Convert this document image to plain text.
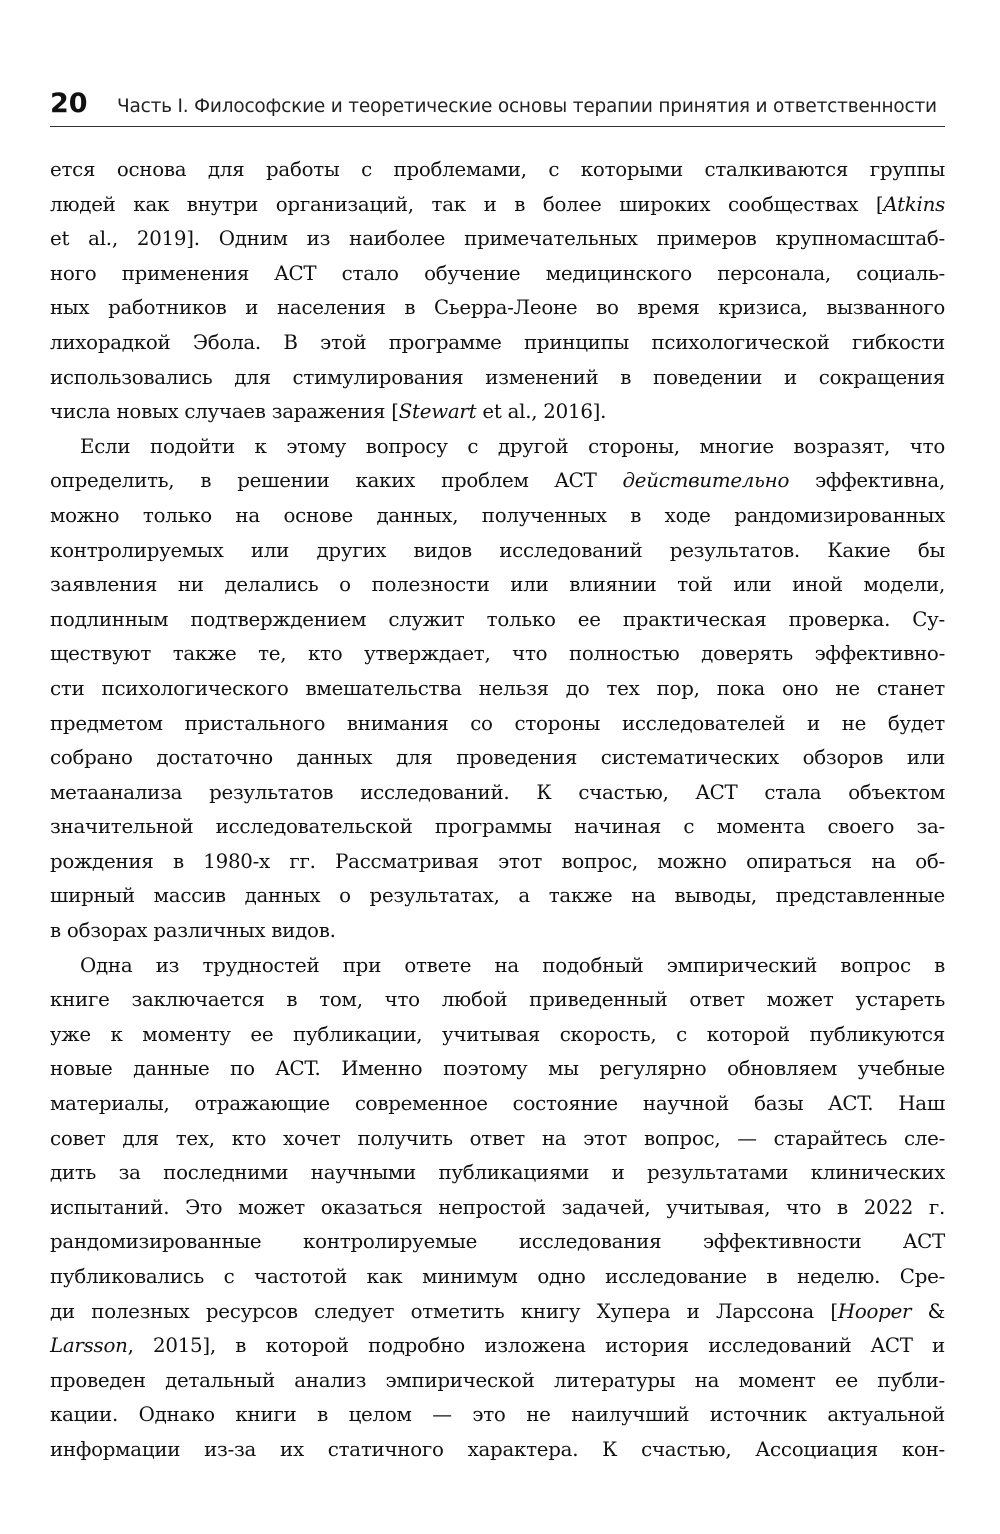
20 Часть I. Философские и теоретические основы терапии принятия и ответственности
ется основа для работы с проблемами, с которыми сталкиваются группы
людей как внутри организаций, так и в более широких сообществах [Atkins
et al., 2019]. Одним из наиболее примечательных примеров крупномасштаб-
ного применения ACT стало обучение медицинского персонала, социаль-
ных работников и населения в Сьерра-Леоне во время кризиса, вызванного
лихорадкой Эбола. В этой программе принципы психологической гибкости
использовались для стимулирования изменений в поведении и сокращения
числа новых случаев заражения [Stewart et al., 2016].
Если подойти к этому вопросу с другой стороны, многие возразят, что
определить, в решении каких проблем ACT действительно эффективна,
можно только на основе данных, полученных в ходе рандомизированных
контролируемых или других видов исследований результатов. Какие бы
заявления ни делались о полезности или влиянии той или иной модели,
подлинным подтверждением служит только ее практическая проверка. Су-
ществуют также те, кто утверждает, что полностью доверять эффективно-
сти психологического вмешательства нельзя до тех пор, пока оно не станет
предметом пристального внимания со стороны исследователей и не будет
собрано достаточно данных для проведения систематических обзоров или
метаанализа результатов исследований. К счастью, ACT стала объектом
значительной исследовательской программы начиная с момента своего за-
рождения в 1980-х гг. Рассматривая этот вопрос, можно опираться на об-
ширный массив данных о результатах, а также на выводы, представленные
в обзорах различных видов.
Одна из трудностей при ответе на подобный эмпирический вопрос в
книге заключается в том, что любой приведенный ответ может устареть
уже к моменту ее публикации, учитывая скорость, с которой публикуются
новые данные по ACT. Именно поэтому мы регулярно обновляем учебные
материалы, отражающие современное состояние научной базы ACT. Наш
совет для тех, кто хочет получить ответ на этот вопрос, — старайтесь сле-
дить за последними научными публикациями и результатами клинических
испытаний. Это может оказаться непростой задачей, учитывая, что в 2022 г.
рандомизированные контролируемые исследования эффективности ACT
публиковались с частотой как минимум одно исследование в неделю. Сре-
ди полезных ресурсов следует отметить книгу Хупера и Ларссона [Hooper &
Larsson, 2015], в которой подробно изложена история исследований ACT и
проведен детальный анализ эмпирической литературы на момент ее публи-
кации. Однако книги в целом — это не наилучший источник актуальной
информации из-за их статичного характера. К счастью, Ассоциация кон-
